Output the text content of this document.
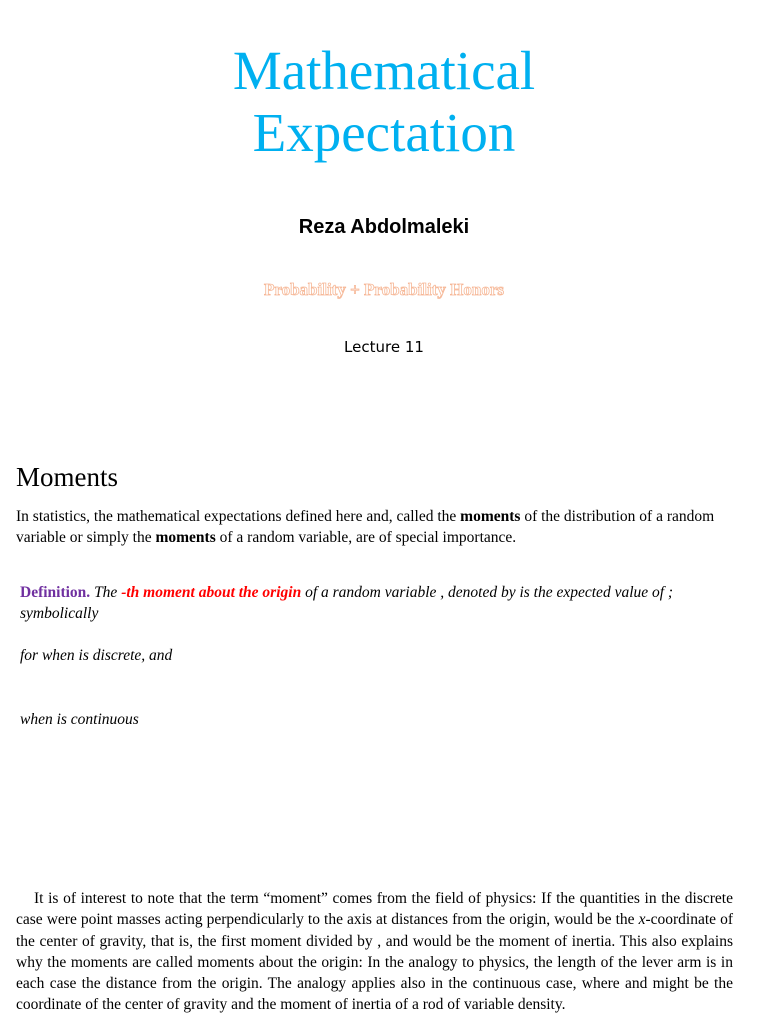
Mathematical
Expectation
Reza Abdolmaleki
Probability + Probability Honors
Lecture 11
Moments
In statistics, the mathematical expectations defined here and, called the moments of the distribution of a random variable or simply the moments of a random variable, are of special importance.
Definition. The -th moment about the origin of a random variable , denoted by is the expected value of ; symbolically
for when is discrete, and
when is continuous
It is of interest to note that the term “moment” comes from the field of physics: If the quantities in the discrete case were point masses acting perpendicularly to the axis at distances from the origin, would be the x-coordinate of the center of gravity, that is, the first moment divided by , and would be the moment of inertia. This also explains why the moments are called moments about the origin: In the analogy to physics, the length of the lever arm is in each case the distance from the origin. The analogy applies also in the continuous case, where and might be the coordinate of the center of gravity and the moment of inertia of a rod of variable density.
